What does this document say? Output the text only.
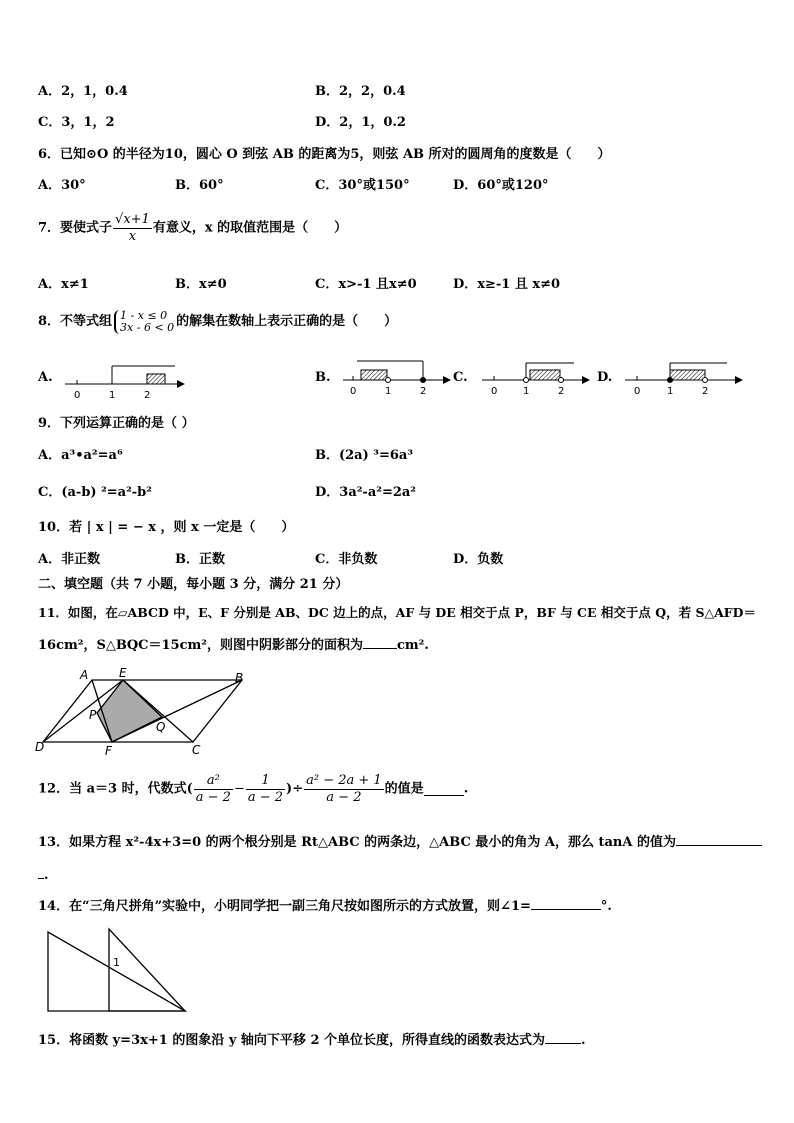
A．2，1，0.4	B．2，2，0.4
C．3，1，2	D．2，1，0.2
6．已知⊙O 的半径为10，圆心 O 到弦 AB 的距离为5，则弦 AB 所对的圆周角的度数是（　　）
A．30°	B．60°	C．30°或150°	D．60°或120°
7．要使式子 $\frac{√x+1}{x}$ 有意义，x 的取值范围是（　　）
A．x≠1	B．x≠0	C．x>-1 且x≠0	D．x≥-1 且 x≠0
8．不等式组 1 - x ≤ 0
3x - 6 < 0 的解集在数轴上表示正确的是（　　）
A.
0	1	2
B.
0	1	2
C.
0	1	2
D.
0	1	2
9．下列运算正确的是（ ）
A．a³•a²=a⁶	B．(2a) ³=6a³
C．(a-b) ²=a²-b²	D．3a²-a²=2a²
10．若 | x | = − x ，则 x 一定是（　　）
A．非正数	B．正数	C．非负数	D．负数
二、填空题（共 7 小题，每小题 3 分，满分 21 分）
11．如图，在▱ABCD 中，E、F 分别是 AB、DC 边上的点，AF 与 DE 相交于点 P，BF 与 CE 相交于点 Q，若 S△AFD＝
16cm²，S△BQC＝15cm²，则图中阴影部分的面积为	cm².
A	E	B
P
Q
D	F	C
12．当 a＝3 时，代数式( $\frac{\text{a²}}{a - 2} - \frac{1}{a - 2}$ )÷ $\frac{\text{a² − 2a + 1}}{a - 2}$ 的值是	.
13．如果方程 x²-4x+3=0 的两个根分别是 Rt△ABC 的两条边，△ABC 最小的角为 A，那么 tanA 的值为
.
14．在“三角尺拼角”实验中，小明同学把一副三角尺按如图所示的方式放置，则∠1=	°.
1
15．将函数 y=3x+1 的图象沿 y 轴向下平移 2 个单位长度，所得直线的函数表达式为	.
